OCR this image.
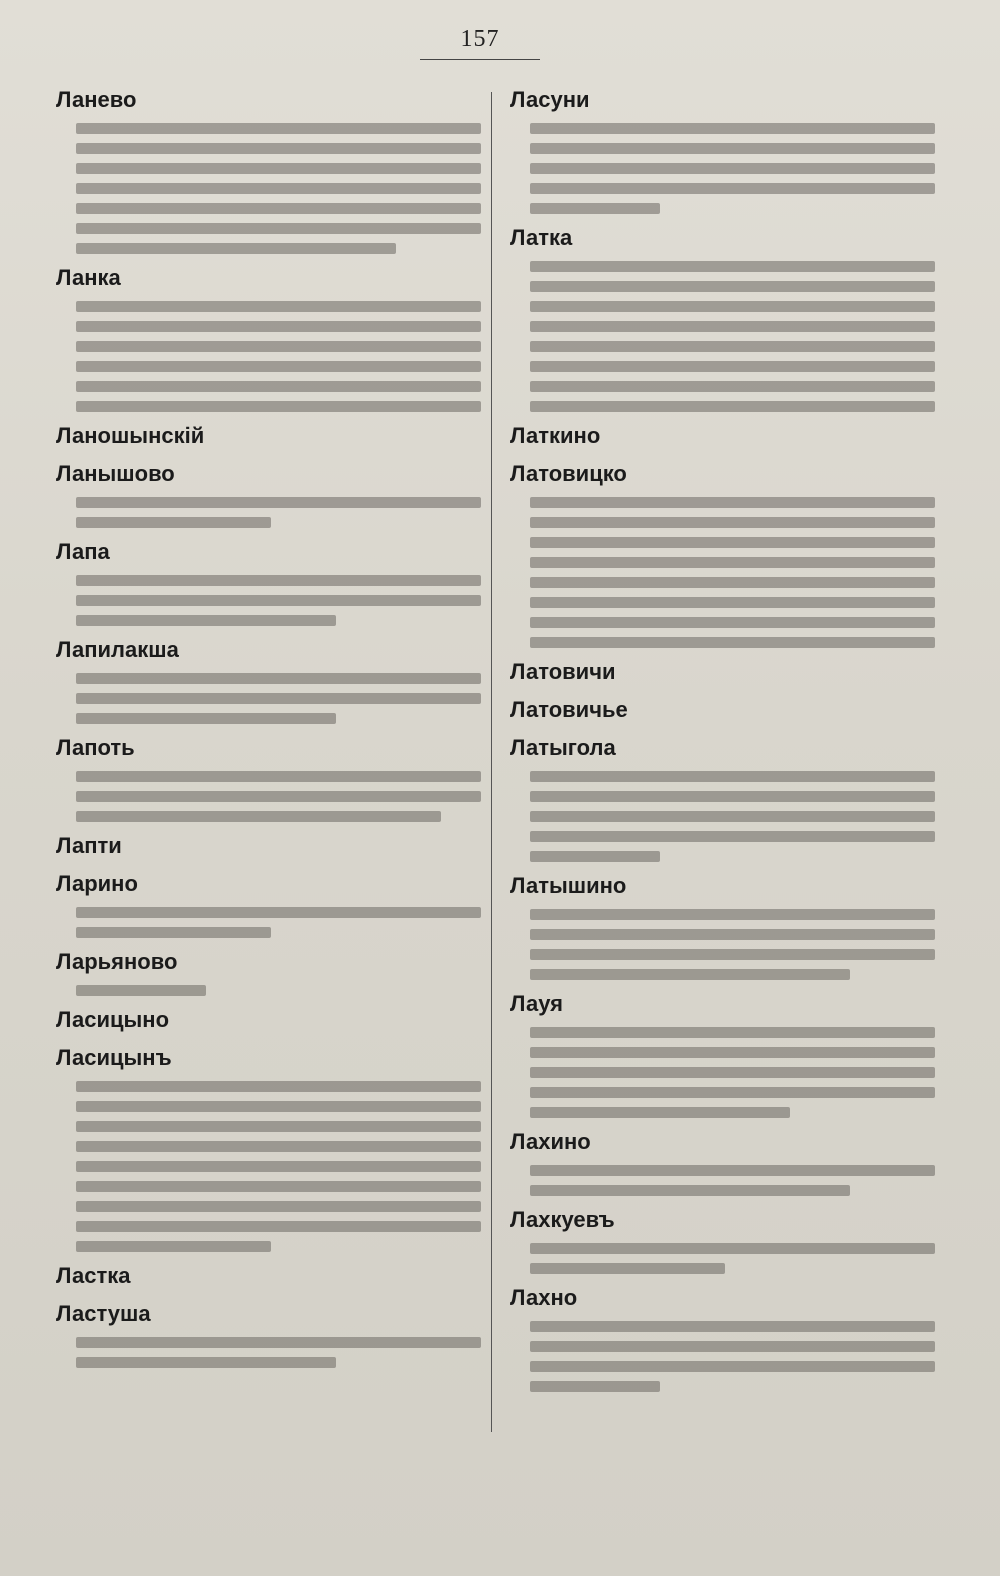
157
Ланево
Ланка
Ланошынскій
Ланышово
Лапа
Лапилакша
Лапоть
Лапти
Ларино
Ларьяново
Ласицыно
Ласицынъ
Ластка
Ластуша
Ласуни
Латка
Латкино
Латовицко
Латовичи
Латовичье
Латыгола
Латышино
Лауя
Лахино
Лахкуевъ
Лахно
